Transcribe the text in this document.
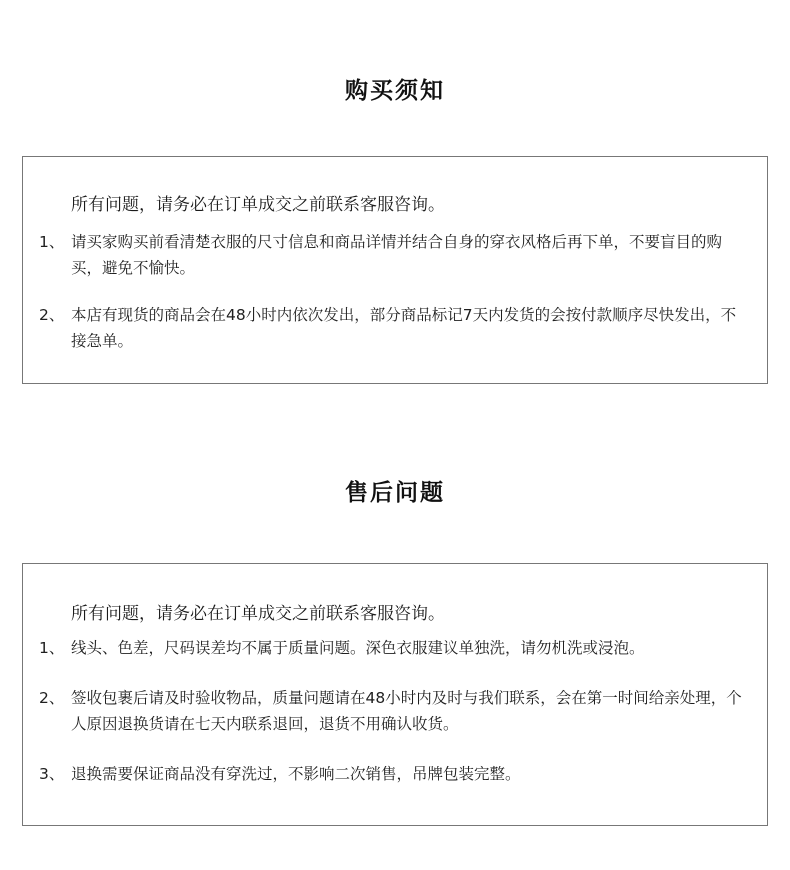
购买须知
所有问题，请务必在订单成交之前联系客服咨询。
1、 请买家购买前看清楚衣服的尺寸信息和商品详情并结合自身的穿衣风格后再下单，不要盲目的购买，避免不愉快。
2、 本店有现货的商品会在48小时内依次发出，部分商品标记7天内发货的会按付款顺序尽快发出，不接急单。
售后问题
所有问题，请务必在订单成交之前联系客服咨询。
1、 线头、色差，尺码误差均不属于质量问题。深色衣服建议单独洗，请勿机洗或浸泡。
2、 签收包裹后请及时验收物品，质量问题请在48小时内及时与我们联系，会在第一时间给亲处理，个人原因退换货请在七天内联系退回，退货不用确认收货。
3、 退换需要保证商品没有穿洗过，不影响二次销售，吊牌包装完整。
